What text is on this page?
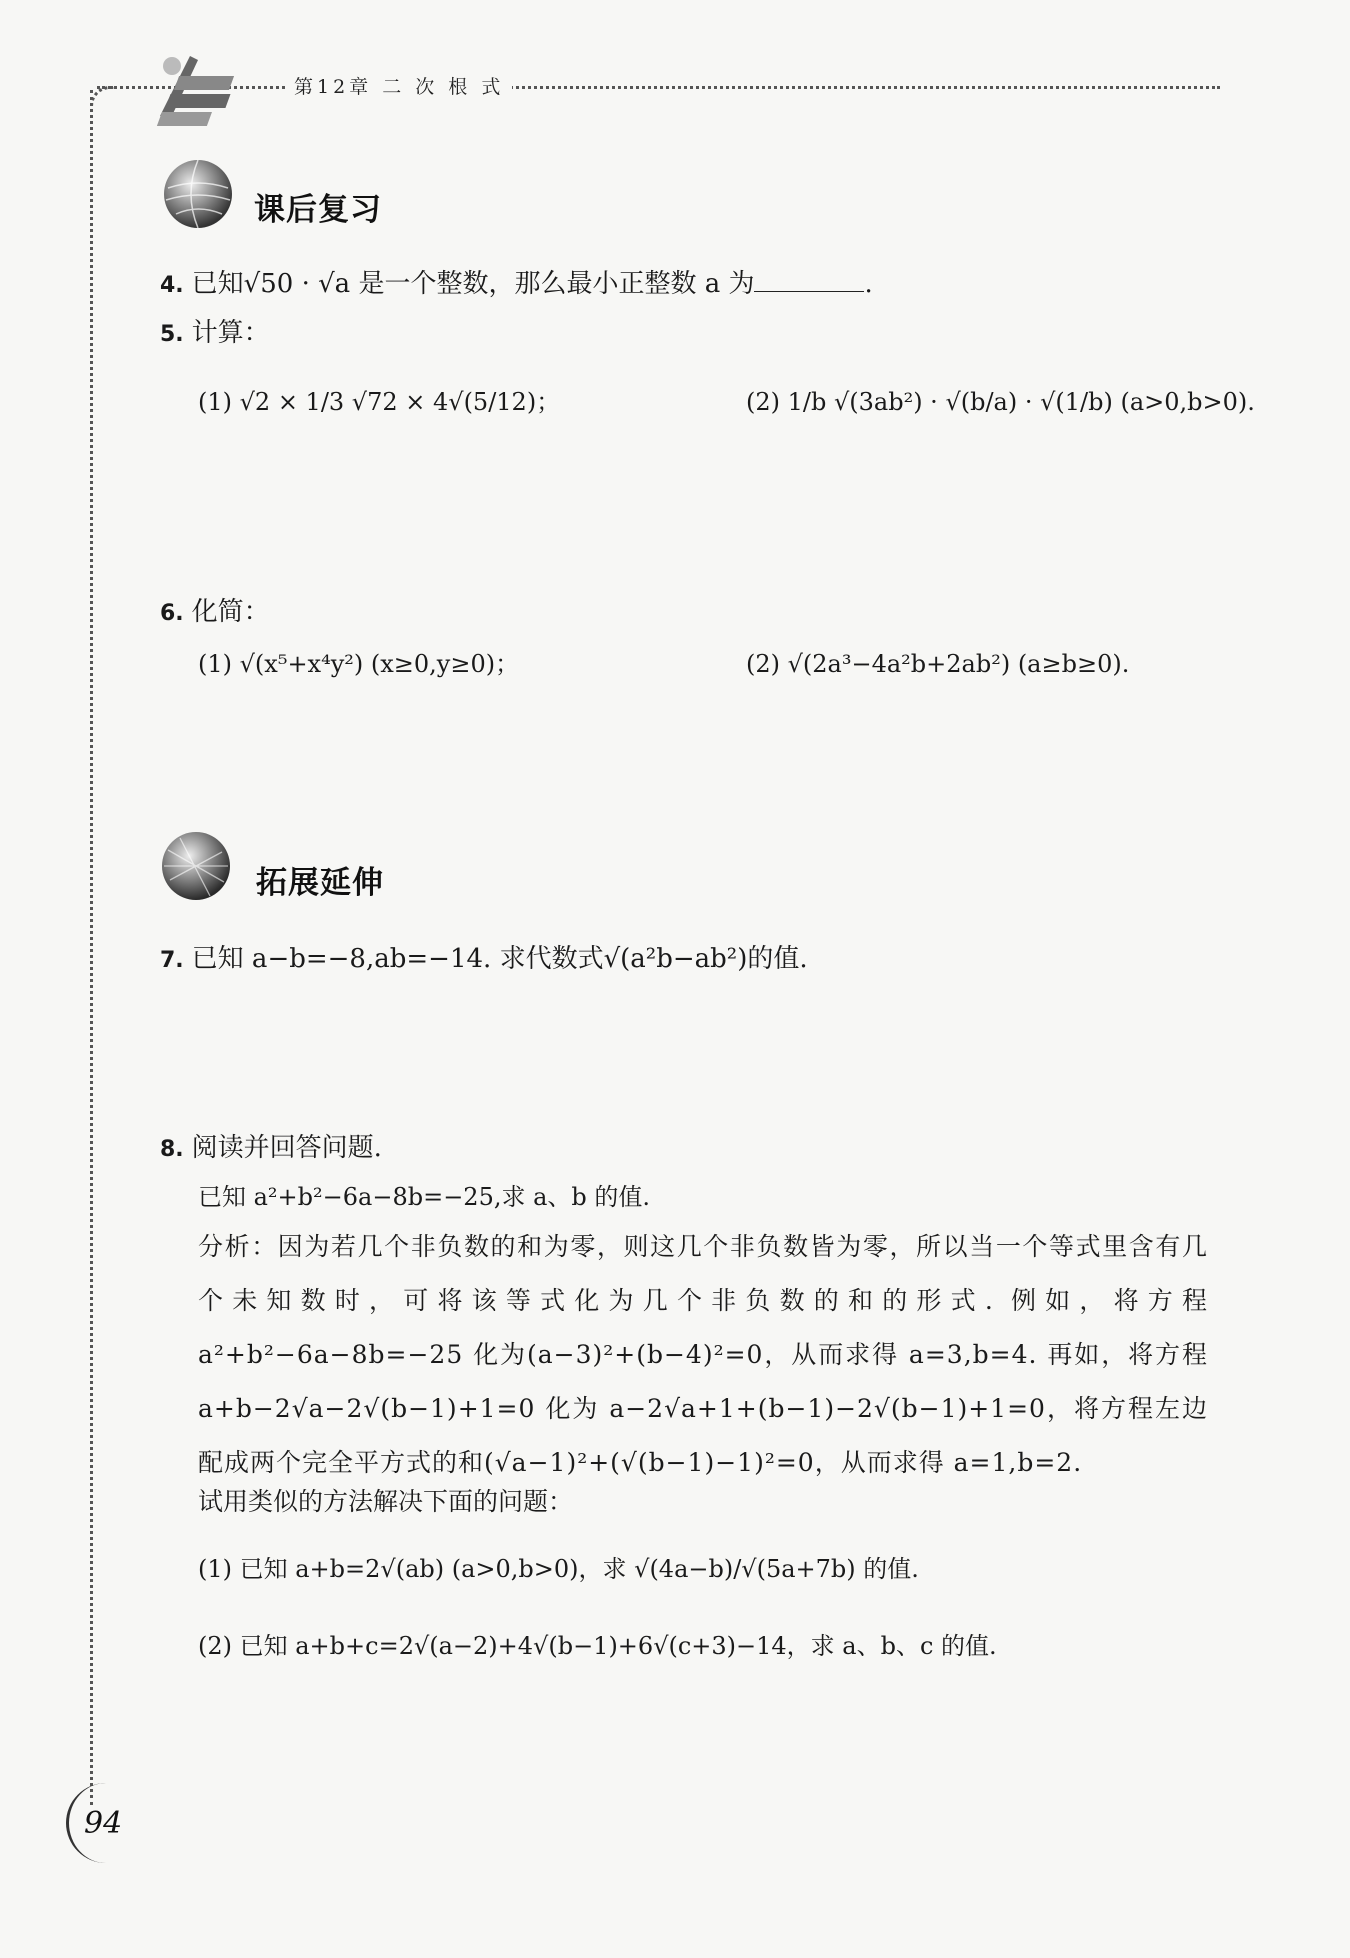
第12章 二 次 根 式
课后复习
4. 已知√50 · √a 是一个整数，那么最小正整数 a 为	.
5. 计算：
(1) √2 × 1/3 √72 × 4√(5/12)；	(2) 1/b √(3ab²) · √(b/a) · √(1/b) (a>0,b>0).
6. 化简：
(1) √(x⁵+x⁴y²) (x≥0,y≥0)；	(2) √(2a³−4a²b+2ab²) (a≥b≥0).
拓展延伸
7. 已知 a−b=−8,ab=−14. 求代数式√(a²b−ab²)的值.
8. 阅读并回答问题.
已知 a²+b²−6a−8b=−25,求 a、b 的值.
分析：因为若几个非负数的和为零，则这几个非负数皆为零，所以当一个等式里含有几个未知数时，可将该等式化为几个非负数的和的形式. 例如，将方程 a²+b²−6a−8b=−25 化为(a−3)²+(b−4)²=0，从而求得 a=3,b=4. 再如，将方程 a+b−2√a−2√(b−1)+1=0 化为 a−2√a+1+(b−1)−2√(b−1)+1=0，将方程左边配成两个完全平方式的和(√a−1)²+(√(b−1)−1)²=0，从而求得 a=1,b=2.
试用类似的方法解决下面的问题：
(1) 已知 a+b=2√(ab) (a>0,b>0)，求 √(4a−b)/√(5a+7b) 的值.
(2) 已知 a+b+c=2√(a−2)+4√(b−1)+6√(c+3)−14，求 a、b、c 的值.
94
